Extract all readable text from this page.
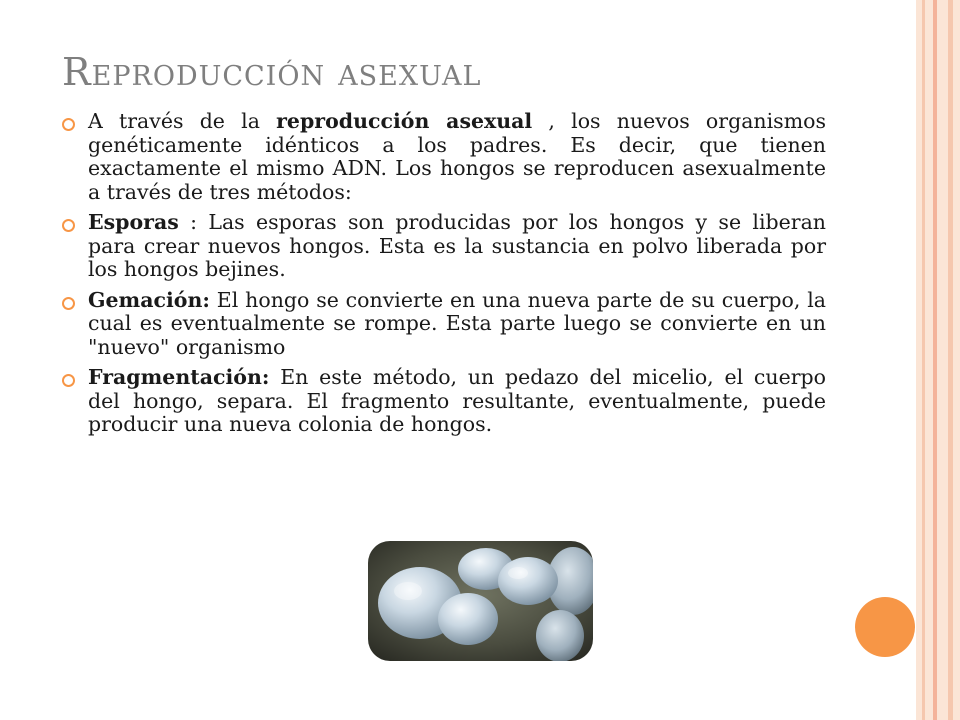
Reproducción asexual
A través de la reproducción asexual , los nuevos organismos genéticamente idénticos a los padres. Es decir, que tienen exactamente el mismo ADN. Los hongos se reproducen asexualmente a través de tres métodos:
Esporas : Las esporas son producidas por los hongos y se liberan para crear nuevos hongos. Esta es la sustancia en polvo liberada por los hongos bejines.
Gemación: El hongo se convierte en una nueva parte de su cuerpo, la cual es eventualmente se rompe. Esta parte luego se convierte en un "nuevo" organismo
Fragmentación: En este método, un pedazo del micelio, el cuerpo del hongo, separa. El fragmento resultante, eventualmente, puede producir una nueva colonia de hongos.
